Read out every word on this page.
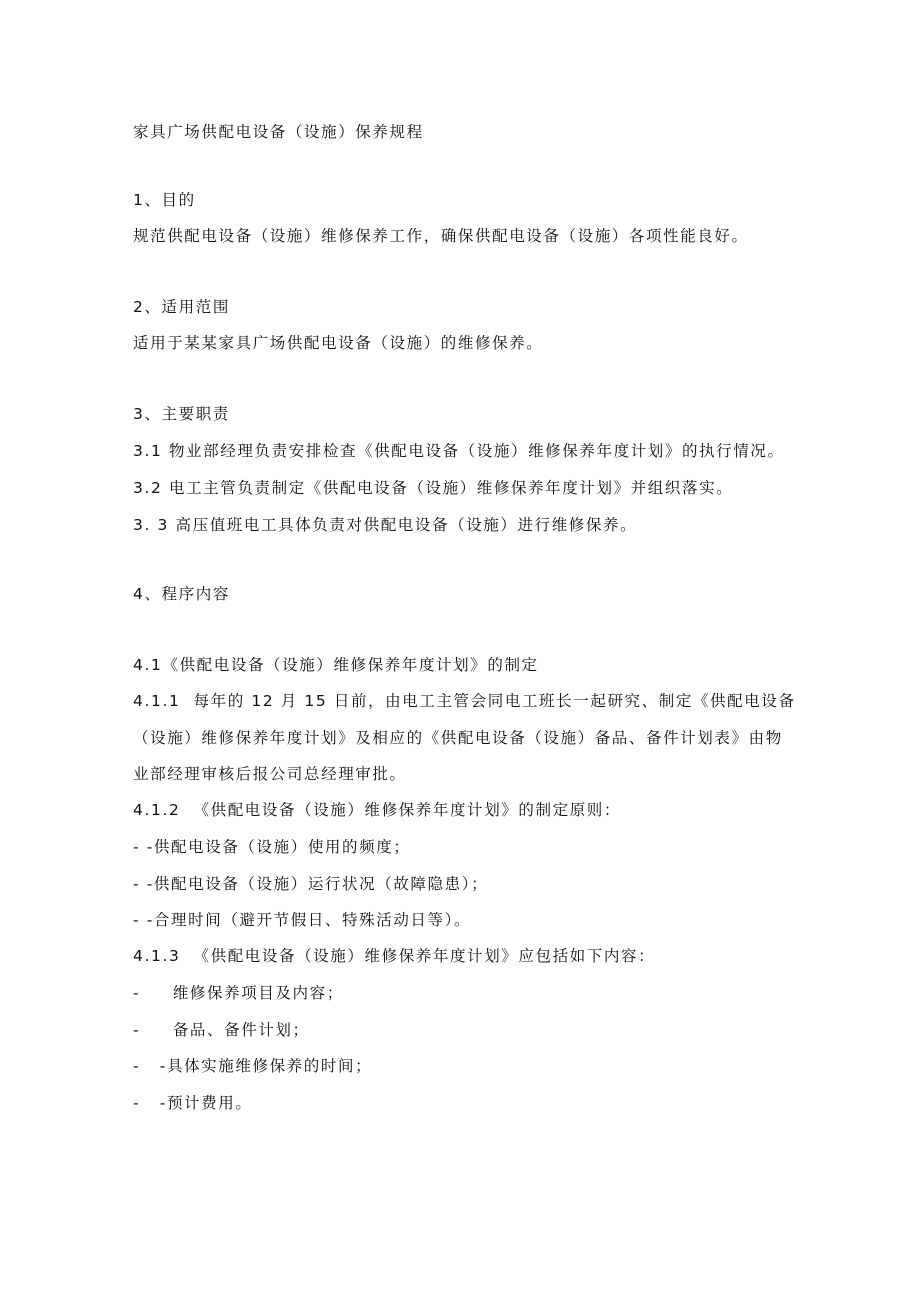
家具广场供配电设备（设施）保养规程
1、目的
规范供配电设备（设施）维修保养工作，确保供配电设备（设施）各项性能良好。
2、适用范围
适用于某某家具广场供配电设备（设施）的维修保养。
3、主要职责
3.1 物业部经理负责安排检查《供配电设备（设施）维修保养年度计划》的执行情况。
3.2 电工主管负责制定《供配电设备（设施）维修保养年度计划》并组织落实。
3. 3 高压值班电工具体负责对供配电设备（设施）进行维修保养。
4、程序内容
4.1《供配电设备（设施）维修保养年度计划》的制定
4.1.1  每年的 12 月 15 日前，由电工主管会同电工班长一起研究、制定《供配电设备
（设施）维修保养年度计划》及相应的《供配电设备（设施）备品、备件计划表》由物
业部经理审核后报公司总经理审批。
4.1.2  《供配电设备（设施）维修保养年度计划》的制定原则：
- -供配电设备（设施）使用的频度；
- -供配电设备（设施）运行状况（故障隐患）；
- -合理时间（避开节假日、特殊活动日等）。
4.1.3  《供配电设备（设施）维修保养年度计划》应包括如下内容：
-     维修保养项目及内容；
-     备品、备件计划；
-   -具体实施维修保养的时间；
-   -预计费用。
